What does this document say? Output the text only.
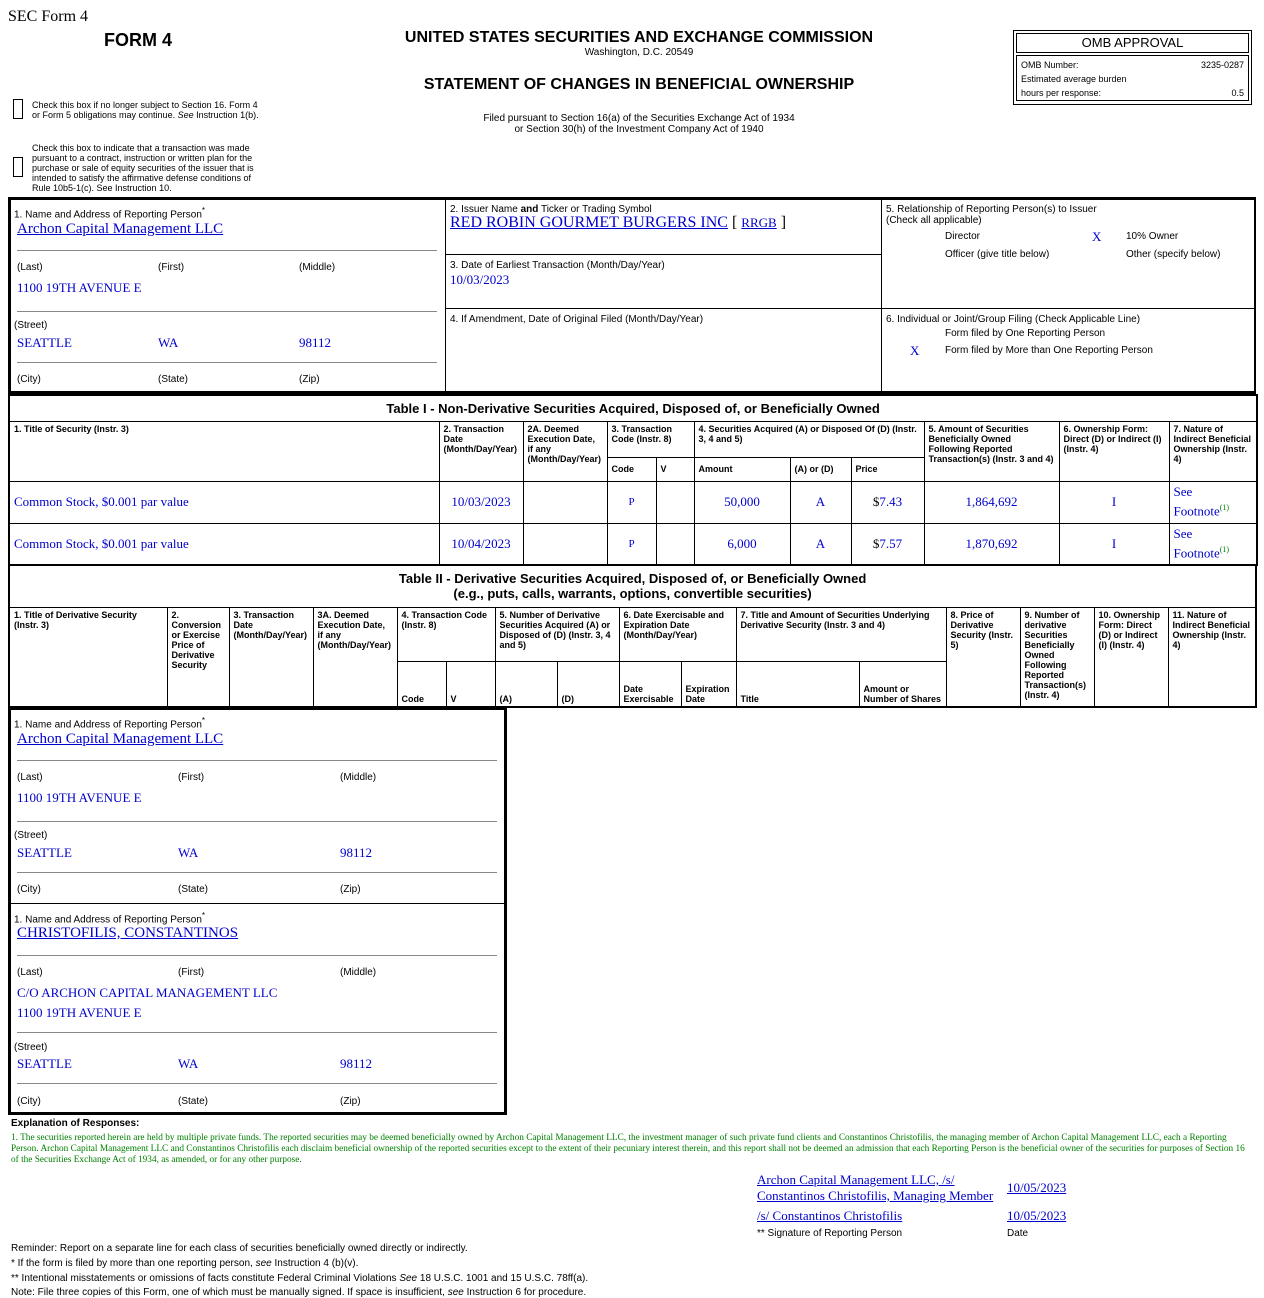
SEC Form 4
FORM 4	UNITED STATES SECURITIES AND EXCHANGE COMMISSION
Washington, D.C. 20549
STATEMENT OF CHANGES IN BENEFICIAL OWNERSHIP
Filed pursuant to Section 16(a) of the Securities Exchange Act of 1934
or Section 30(h) of the Investment Company Act of 1940
Check this box if no longer subject to Section 16. Form 4
or Form 5 obligations may continue. See Instruction 1(b).
Check this box to indicate that a transaction was made
pursuant to a contract, instruction or written plan for the
purchase or sale of equity securities of the issuer that is
intended to satisfy the affirmative defense conditions of
Rule 10b5-1(c). See Instruction 10.
OMB APPROVAL
OMB Number:	3235-0287
Estimated average burden
hours per response:	0.5
1. Name and Address of Reporting Person*
Archon Capital Management LLC
(Last)	(First)	(Middle)
1100 19TH AVENUE E
(Street)
SEATTLE	WA	98112
(City)	(State)	(Zip)
2. Issuer Name and Ticker or Trading Symbol
RED ROBIN GOURMET BURGERS INC [ RRGB ]
3. Date of Earliest Transaction (Month/Day/Year)
10/03/2023
4. If Amendment, Date of Original Filed (Month/Day/Year)
5. Relationship of Reporting Person(s) to Issuer
(Check all applicable)
Director	X 10% Owner
Officer (give title below)	Other (specify below)
6. Individual or Joint/Group Filing (Check Applicable Line)
Form filed by One Reporting Person
X	Form filed by More than One Reporting Person
Table I - Non-Derivative Securities Acquired, Disposed of, or Beneficially Owned										
1. Title of Security (Instr. 3)	2. Transaction Date (Month/Day/Year)	2A. Deemed Execution Date, if any (Month/Day/Year)	3. Transaction Code (Instr. 8)		4. Securities Acquired (A) or Disposed Of (D) (Instr. 3, 4 and 5)			5. Amount of Securities Beneficially Owned Following Reported Transaction(s) (Instr. 3 and 4)	6. Ownership Form: Direct (D) or Indirect (I) (Instr. 4)	7. Nature of Indirect Beneficial Ownership (Instr. 4)
			Code	V	Amount	(A) or (D)	Price			
Common Stock, $0.001 par value	10/03/2023		P		50,000	A	$7.43	1,864,692	I	See
Footnote$^{(1)}$
Common Stock, $0.001 par value	10/04/2023		P		6,000	A	$7.57	1,870,692	I	See
Footnote$^{(1)}$
Table II - Derivative Securities Acquired, Disposed of, or Beneficially Owned
(e.g., puts, calls, warrants, options, convertible securities)															

1. Title of Derivative Security (Instr. 3)	2. Conversion or Exercise Price of Derivative Security	3. Transaction Date (Month/Day/Year)	3A. Deemed Execution Date, if any (Month/Day/Year)	4. Transaction Code (Instr. 8)		5. Number of Derivative Securities Acquired (A) or Disposed of (D) (Instr. 3, 4 and 5)		6. Date Exercisable and Expiration Date (Month/Day/Year)		7. Title and Amount of Securities Underlying Derivative Security (Instr. 3 and 4)		8. Price of Derivative Security (Instr. 5)	9. Number of derivative Securities Beneficially Owned Following Reported Transaction(s) (Instr. 4)	10. Ownership Form: Direct (D) or Indirect (I) (Instr. 4)	11. Nature of Indirect Beneficial Ownership (Instr. 4)
				Code	V	(A)	(D)	Date Exercisable	Expiration Date	Title	Amount or Number of Shares				
1. Name and Address of Reporting Person*
Archon Capital Management LLC
(Last)	(First)	(Middle)
1100 19TH AVENUE E
(Street)
SEATTLE	WA	98112
(City)	(State)	(Zip)
1. Name and Address of Reporting Person*
CHRISTOFILIS, CONSTANTINOS
(Last)	(First)	(Middle)
C/O ARCHON CAPITAL MANAGEMENT LLC
1100 19TH AVENUE E
(Street)
SEATTLE	WA	98112
(City)	(State)	(Zip)
Explanation of Responses:
1. The securities reported herein are held by multiple private funds. The reported securities may be deemed beneficially owned by Archon Capital Management LLC, the investment manager of such private fund clients and Constantinos Christofilis, the managing member of Archon Capital Management LLC, each a Reporting Person. Archon Capital Management LLC and Constantinos Christofilis each disclaim beneficial ownership of the reported securities except to the extent of their pecuniary interest therein, and this report shall not be deemed an admission that each Reporting Person is the beneficial owner of the securities for purposes of Section 16 of the Securities Exchange Act of 1934, as amended, or for any other purpose.
Archon Capital Management LLC, /s/
Constantinos Christofilis, Managing Member
10/05/2023
/s/ Constantinos Christofilis	10/05/2023
** Signature of Reporting Person	Date
Reminder: Report on a separate line for each class of securities beneficially owned directly or indirectly.
* If the form is filed by more than one reporting person, see Instruction 4 (b)(v).
** Intentional misstatements or omissions of facts constitute Federal Criminal Violations See 18 U.S.C. 1001 and 15 U.S.C. 78ff(a).
Note: File three copies of this Form, one of which must be manually signed. If space is insufficient, see Instruction 6 for procedure.
